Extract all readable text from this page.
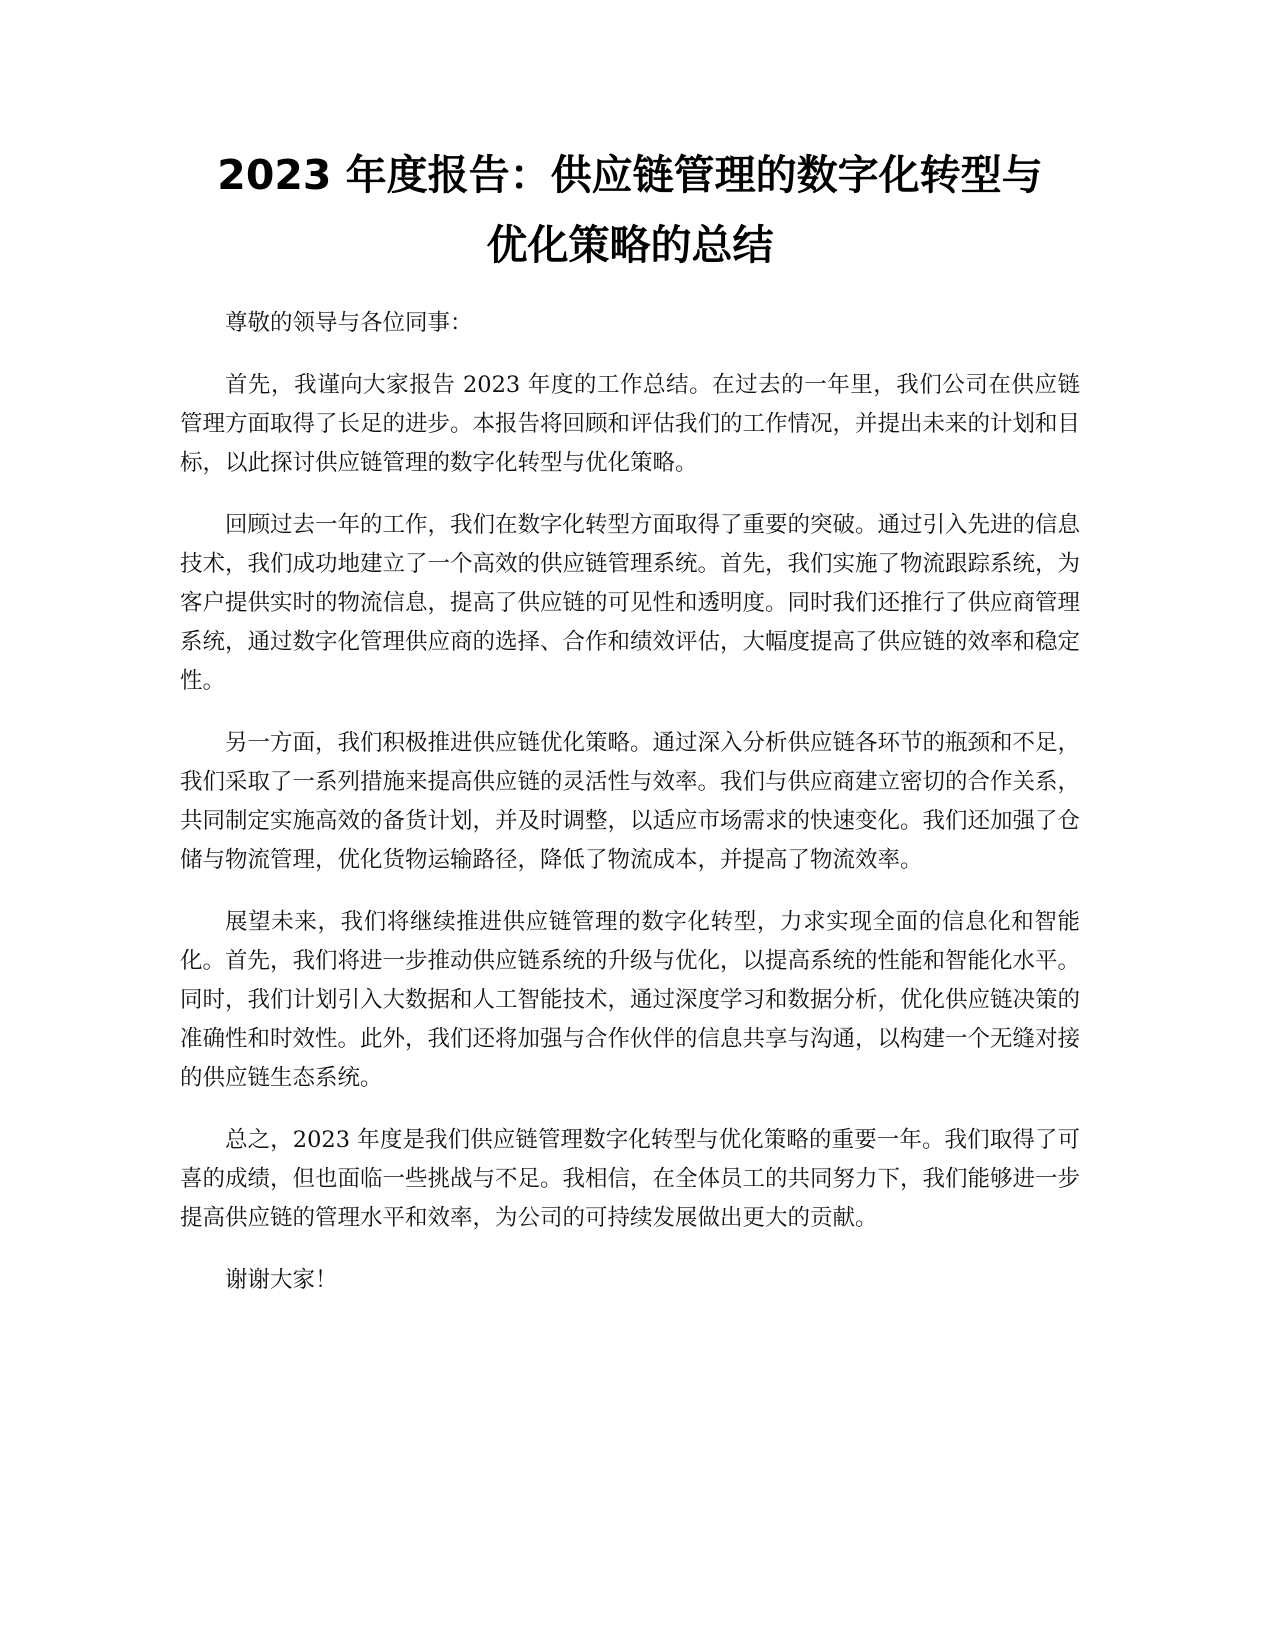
2023 年度报告：供应链管理的数字化转型与
优化策略的总结

尊敬的领导与各位同事：

首先，我谨向大家报告 2023 年度的工作总结。在过去的一年里，我们公司在供应链管理方面取得了长足的进步。本报告将回顾和评估我们的工作情况，并提出未来的计划和目标，以此探讨供应链管理的数字化转型与优化策略。

回顾过去一年的工作，我们在数字化转型方面取得了重要的突破。通过引入先进的信息技术，我们成功地建立了一个高效的供应链管理系统。首先，我们实施了物流跟踪系统，为客户提供实时的物流信息，提高了供应链的可见性和透明度。同时我们还推行了供应商管理系统，通过数字化管理供应商的选择、合作和绩效评估，大幅度提高了供应链的效率和稳定性。

另一方面，我们积极推进供应链优化策略。通过深入分析供应链各环节的瓶颈和不足，我们采取了一系列措施来提高供应链的灵活性与效率。我们与供应商建立密切的合作关系，共同制定实施高效的备货计划，并及时调整，以适应市场需求的快速变化。我们还加强了仓储与物流管理，优化货物运输路径，降低了物流成本，并提高了物流效率。

展望未来，我们将继续推进供应链管理的数字化转型，力求实现全面的信息化和智能化。首先，我们将进一步推动供应链系统的升级与优化，以提高系统的性能和智能化水平。同时，我们计划引入大数据和人工智能技术，通过深度学习和数据分析，优化供应链决策的准确性和时效性。此外，我们还将加强与合作伙伴的信息共享与沟通，以构建一个无缝对接的供应链生态系统。

总之，2023 年度是我们供应链管理数字化转型与优化策略的重要一年。我们取得了可喜的成绩，但也面临一些挑战与不足。我相信，在全体员工的共同努力下，我们能够进一步提高供应链的管理水平和效率，为公司的可持续发展做出更大的贡献。

谢谢大家！
